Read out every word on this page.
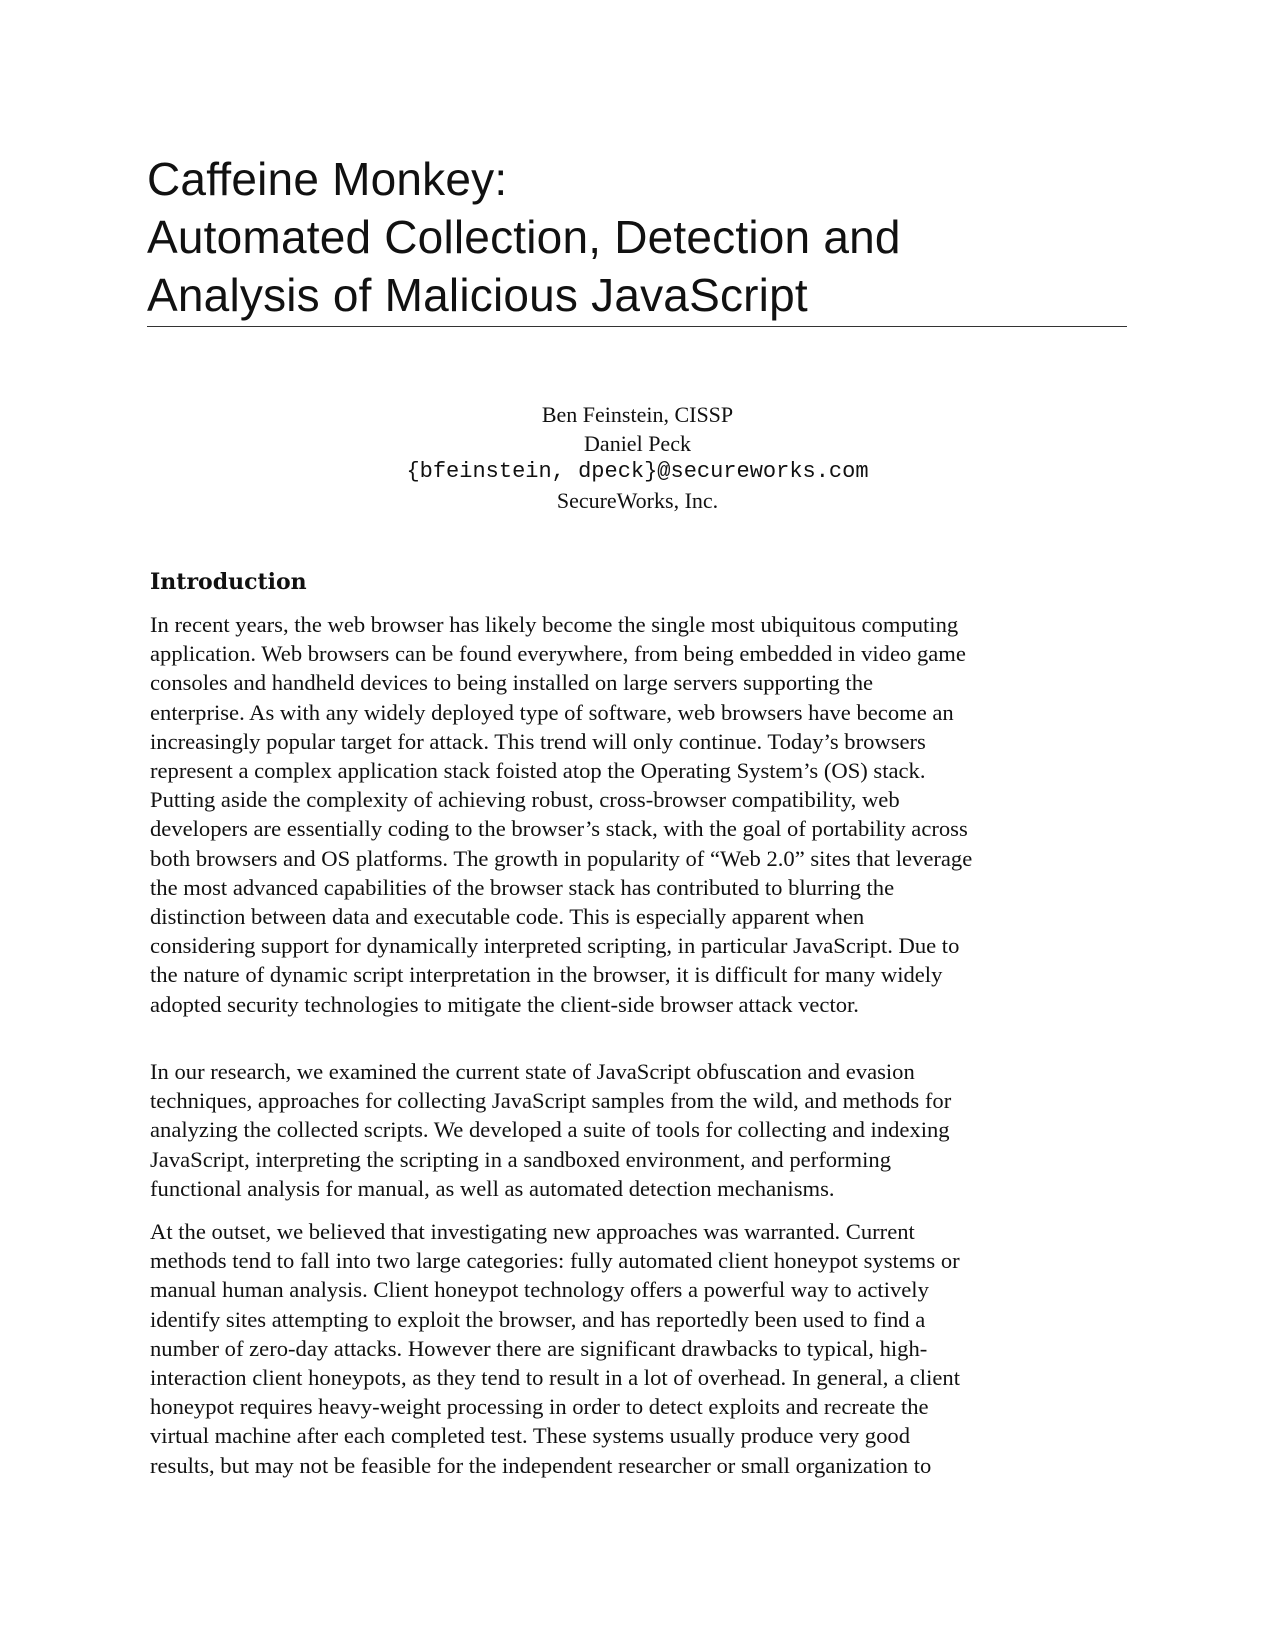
Caffeine Monkey:
Automated Collection, Detection and
Analysis of Malicious JavaScript
Ben Feinstein, CISSP
Daniel Peck
{bfeinstein, dpeck}@secureworks.com
SecureWorks, Inc.
Introduction
In recent years, the web browser has likely become the single most ubiquitous computing
application. Web browsers can be found everywhere, from being embedded in video game
consoles and handheld devices to being installed on large servers supporting the
enterprise. As with any widely deployed type of software, web browsers have become an
increasingly popular target for attack. This trend will only continue. Today’s browsers
represent a complex application stack foisted atop the Operating System’s (OS) stack.
Putting aside the complexity of achieving robust, cross-browser compatibility, web
developers are essentially coding to the browser’s stack, with the goal of portability across
both browsers and OS platforms. The growth in popularity of “Web 2.0” sites that leverage
the most advanced capabilities of the browser stack has contributed to blurring the
distinction between data and executable code. This is especially apparent when
considering support for dynamically interpreted scripting, in particular JavaScript. Due to
the nature of dynamic script interpretation in the browser, it is difficult for many widely
adopted security technologies to mitigate the client-side browser attack vector.
In our research, we examined the current state of JavaScript obfuscation and evasion
techniques, approaches for collecting JavaScript samples from the wild, and methods for
analyzing the collected scripts. We developed a suite of tools for collecting and indexing
JavaScript, interpreting the scripting in a sandboxed environment, and performing
functional analysis for manual, as well as automated detection mechanisms.
At the outset, we believed that investigating new approaches was warranted. Current
methods tend to fall into two large categories: fully automated client honeypot systems or
manual human analysis. Client honeypot technology offers a powerful way to actively
identify sites attempting to exploit the browser, and has reportedly been used to find a
number of zero-day attacks. However there are significant drawbacks to typical, high-
interaction client honeypots, as they tend to result in a lot of overhead. In general, a client
honeypot requires heavy-weight processing in order to detect exploits and recreate the
virtual machine after each completed test. These systems usually produce very good
results, but may not be feasible for the independent researcher or small organization to
